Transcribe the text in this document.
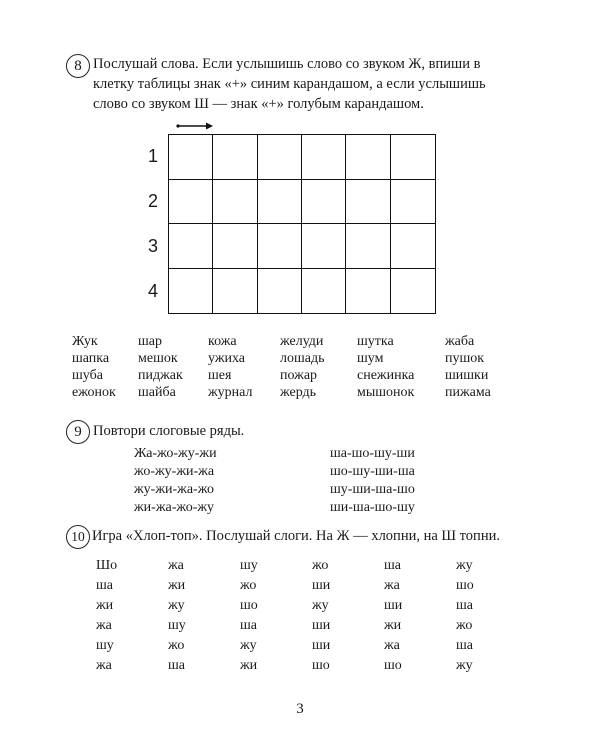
8 Послушай слова. Если услышишь слово со звуком Ж, впиши в
клетку таблицы знак «+» синим карандашом, а если услышишь
слово со звуком Ш — знак «+» голубым карандашом.
1
2
3
4
Жук
шапка
шуба
ежонок
шар
мешок
пиджак
шайба
кожа
ужиха
шея
журнал
желуди
лошадь
пожар
жердь
шутка
шум
снежинка
мышонок
жаба
пушок
шишки
пижама
9 Повтори слоговые ряды.
Жа-жо-жу-жи
жо-жу-жи-жа
жу-жи-жа-жо
жи-жа-жо-жу
ша-шо-шу-ши
шо-шу-ши-ша
шу-ши-ша-шо
ши-ша-шо-шу
10 Игра «Хлоп-топ». Послушай слоги. На Ж — хлопни, на Ш топни.
Шо
ша
жи
жа
шу
жа
жа
жи
жу
шу
жо
ша
шу
жо
шо
ша
жу
жи
жо
ши
жу
ши
ши
шо
ша
жа
ши
жи
жа
шо
жу
шо
ша
жо
ша
жу
3
